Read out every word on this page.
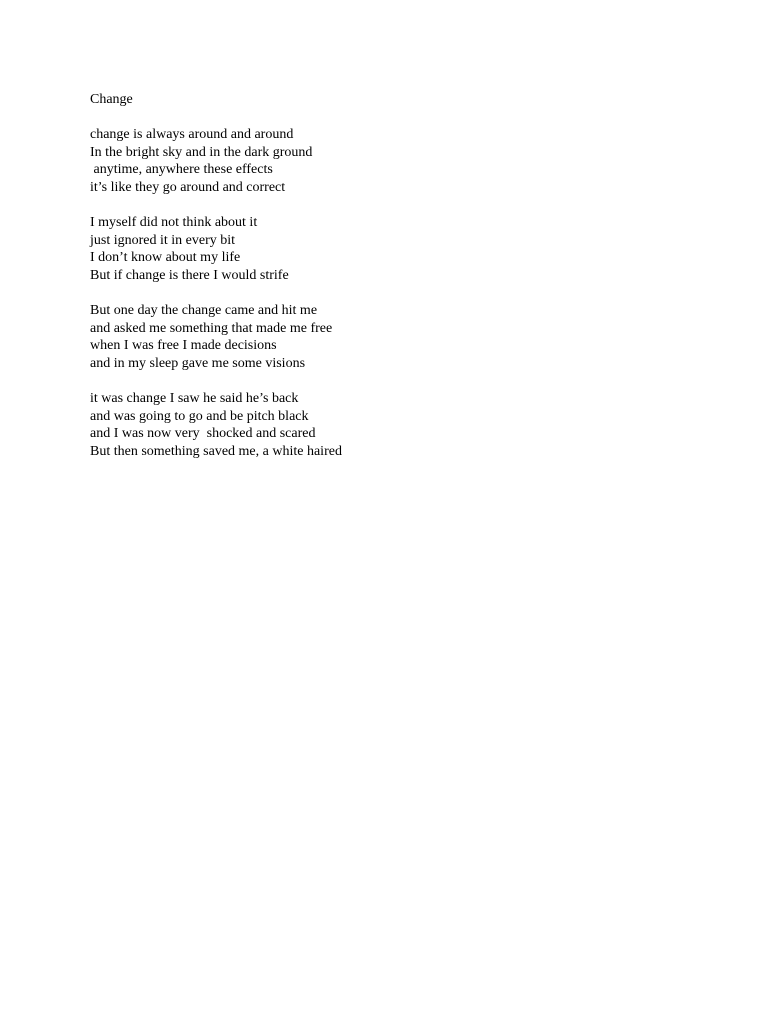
Change
change is always around and around
In the bright sky and in the dark ground
anytime, anywhere these effects
it’s like they go around and correct
I myself did not think about it
just ignored it in every bit
I don’t know about my life
But if change is there I would strife
But one day the change came and hit me
and asked me something that made me free
when I was free I made decisions
and in my sleep gave me some visions
it was change I saw he said he’s back
and was going to go and be pitch black
and I was now very  shocked and scared
But then something saved me, a white haired
